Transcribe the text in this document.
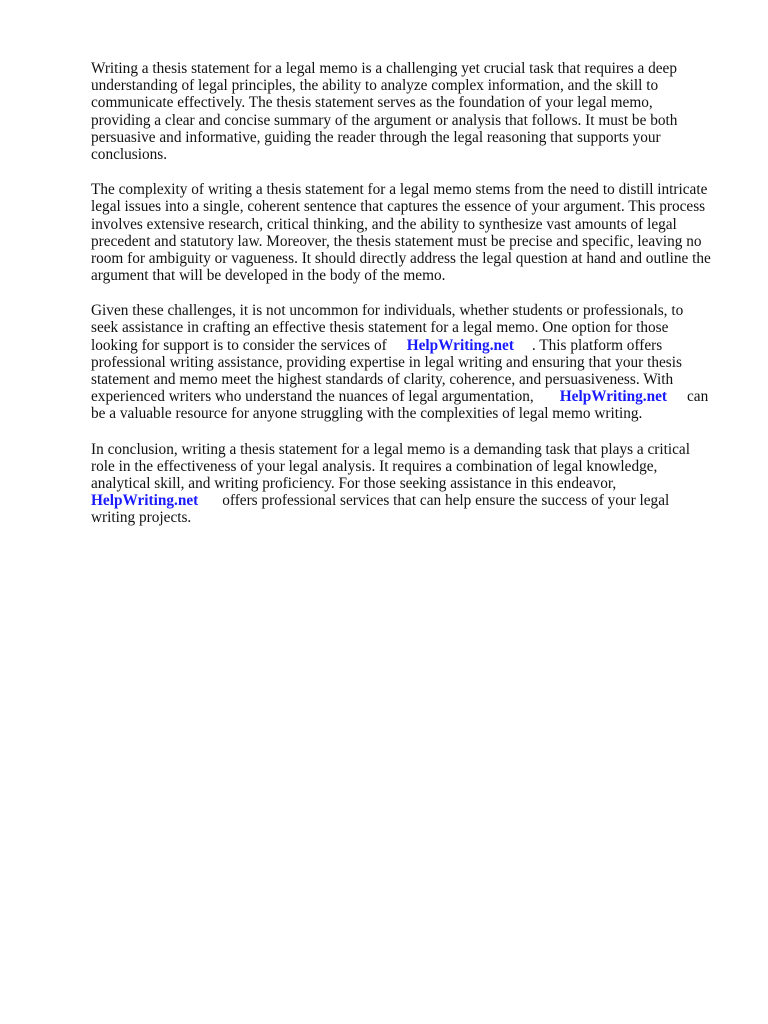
Writing a thesis statement for a legal memo is a challenging yet crucial task that requires a deep
understanding of legal principles, the ability to analyze complex information, and the skill to
communicate effectively. The thesis statement serves as the foundation of your legal memo,
providing a clear and concise summary of the argument or analysis that follows. It must be both
persuasive and informative, guiding the reader through the legal reasoning that supports your
conclusions.

The complexity of writing a thesis statement for a legal memo stems from the need to distill intricate
legal issues into a single, coherent sentence that captures the essence of your argument. This process
involves extensive research, critical thinking, and the ability to synthesize vast amounts of legal
precedent and statutory law. Moreover, the thesis statement must be precise and specific, leaving no
room for ambiguity or vagueness. It should directly address the legal question at hand and outline the
argument that will be developed in the body of the memo.

Given these challenges, it is not uncommon for individuals, whether students or professionals, to
seek assistance in crafting an effective thesis statement for a legal memo. One option for those
looking for support is to consider the services of HelpWriting.net . This platform offers
professional writing assistance, providing expertise in legal writing and ensuring that your thesis
statement and memo meet the highest standards of clarity, coherence, and persuasiveness. With
experienced writers who understand the nuances of legal argumentation, HelpWriting.net can
be a valuable resource for anyone struggling with the complexities of legal memo writing.

In conclusion, writing a thesis statement for a legal memo is a demanding task that plays a critical
role in the effectiveness of your legal analysis. It requires a combination of legal knowledge,
analytical skill, and writing proficiency. For those seeking assistance in this endeavor,
HelpWriting.net offers professional services that can help ensure the success of your legal
writing projects.
